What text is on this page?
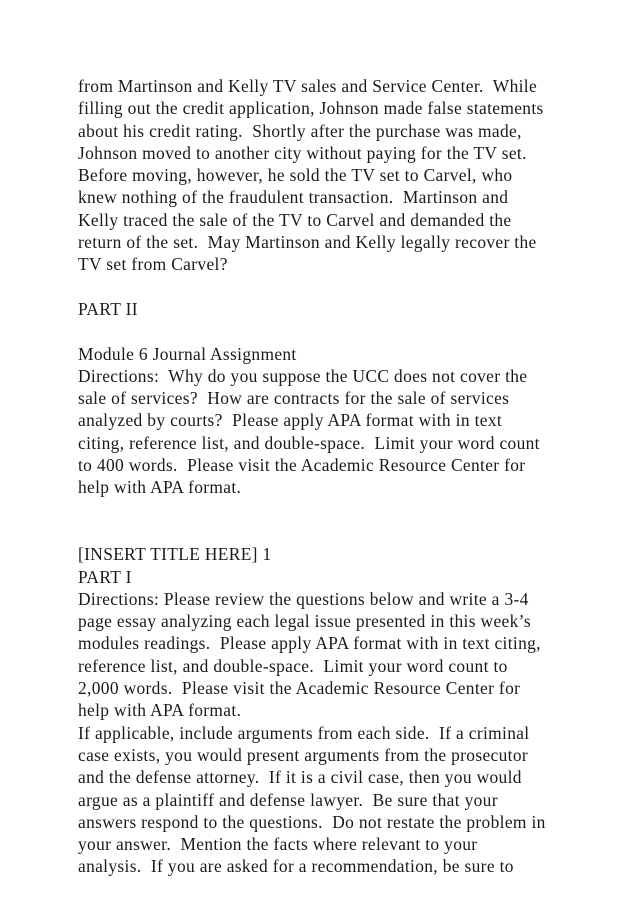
from Martinson and Kelly TV sales and Service Center.  While
filling out the credit application, Johnson made false statements
about his credit rating.  Shortly after the purchase was made,
Johnson moved to another city without paying for the TV set.
Before moving, however, he sold the TV set to Carvel, who
knew nothing of the fraudulent transaction.  Martinson and
Kelly traced the sale of the TV to Carvel and demanded the
return of the set.  May Martinson and Kelly legally recover the
TV set from Carvel?
PART II
Module 6 Journal Assignment
Directions:  Why do you suppose the UCC does not cover the
sale of services?  How are contracts for the sale of services
analyzed by courts?  Please apply APA format with in text
citing, reference list, and double-space.  Limit your word count
to 400 words.  Please visit the Academic Resource Center for
help with APA format.
[INSERT TITLE HERE] 1
PART I
Directions: Please review the questions below and write a 3-4
page essay analyzing each legal issue presented in this week’s
modules readings.  Please apply APA format with in text citing,
reference list, and double-space.  Limit your word count to
2,000 words.  Please visit the Academic Resource Center for
help with APA format.
If applicable, include arguments from each side.  If a criminal
case exists, you would present arguments from the prosecutor
and the defense attorney.  If it is a civil case, then you would
argue as a plaintiff and defense lawyer.  Be sure that your
answers respond to the questions.  Do not restate the problem in
your answer.  Mention the facts where relevant to your
analysis.  If you are asked for a recommendation, be sure to
